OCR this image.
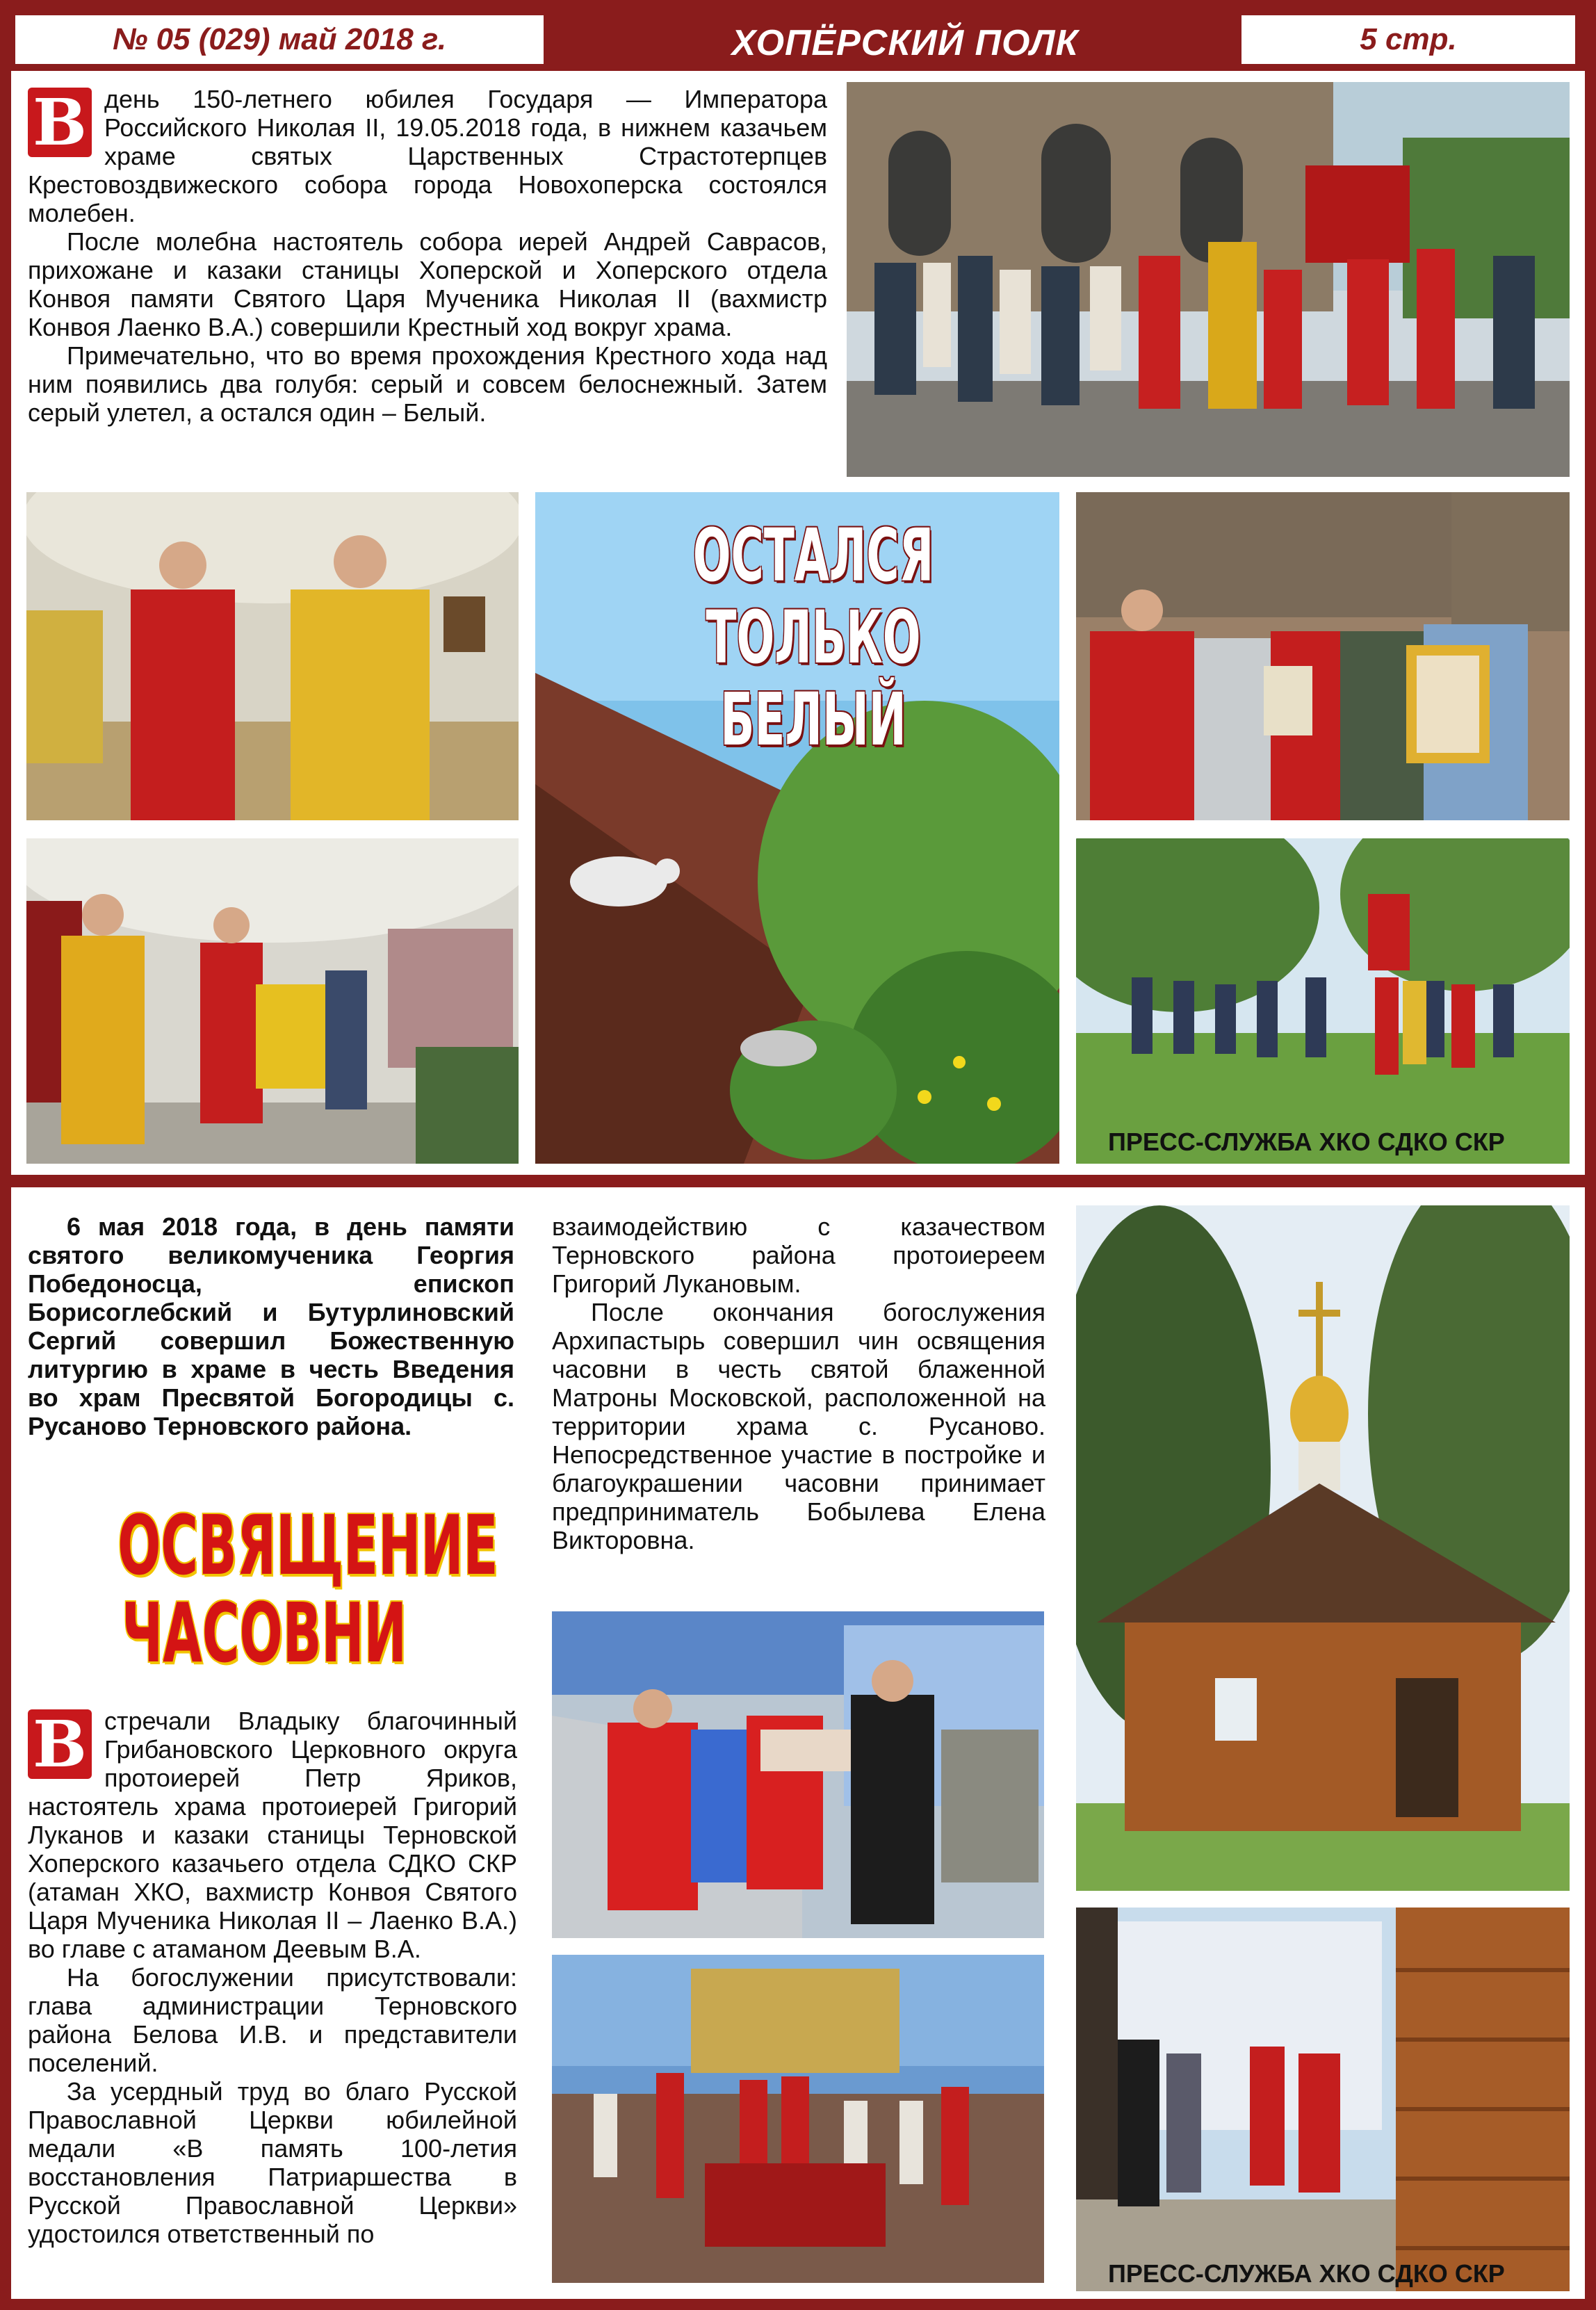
№ 05 (029) май 2018 г.	ХОПЁРСКИЙ ПОЛК	5 стр.
В день 150-летнего юбилея Государя — Императора Российского Николая II, 19.05.2018 года, в нижнем казачьем храме святых Царственных Страстотерпцев Крестовоздвижеского собора города Новохоперска состоялся молебен.

После молебна настоятель собора иерей Андрей Саврасов, прихожане и казаки станицы Хоперской и Хоперского отдела Конвоя памяти Святого Царя Мученика Николая II (вахмистр Конвоя Лаенко В.А.) совершили Крестный ход вокруг храма.

Примечательно, что во время прохождения Крестного хода над ним появились два голубя: серый и совсем белоснежный. Затем серый улетел, а остался один – Белый.

ОСТАЛСЯ ТОЛЬКО
БЕЛЫЙ
ПРЕСС-СЛУЖБА ХКО СДКО СКР

6 мая 2018 года, в день памяти святого великомученика Георгия Победоносца, епископ Борисоглебский и Бутурлиновский Сергий совершил Божественную литургию в храме в честь Введения во храм Пресвятой Богородицы с. Русаново Терновского района.

ОСВЯЩЕНИЕ
ЧАСОВНИ
В стречали Владыку благочинный Грибановского Церковного округа протоиерей Петр Яриков, настоятель храма протоиерей Григорий Луканов и казаки станицы Терновской Хоперского казачьего отдела СДКО СКР (атаман ХКО, вахмистр Конвоя Святого Царя Мученика Николая II – Лаенко В.А.) во главе с атаманом Деевым В.А.

На богослужении присутствовали: глава администрации Терновского района Белова И.В. и представители поселений.

За усердный труд во благо Русской Православной Церкви юбилейной медали «В память 100-летия восстановления Патриаршества в Русской Православной Церкви» удостоился ответственный по

взаимодействию с казачеством Терновского района протоиереем Григорий Лукановым.

После окончания богослужения Архипастырь совершил чин освящения часовни в честь святой блаженной Матроны Московской, расположенной на территории храма с. Русаново. Непосредственное участие в постройке и благоукрашении часовни принимает предприниматель Бобылева Елена Викторовна.

ПРЕСС-СЛУЖБА ХКО СДКО СКР
